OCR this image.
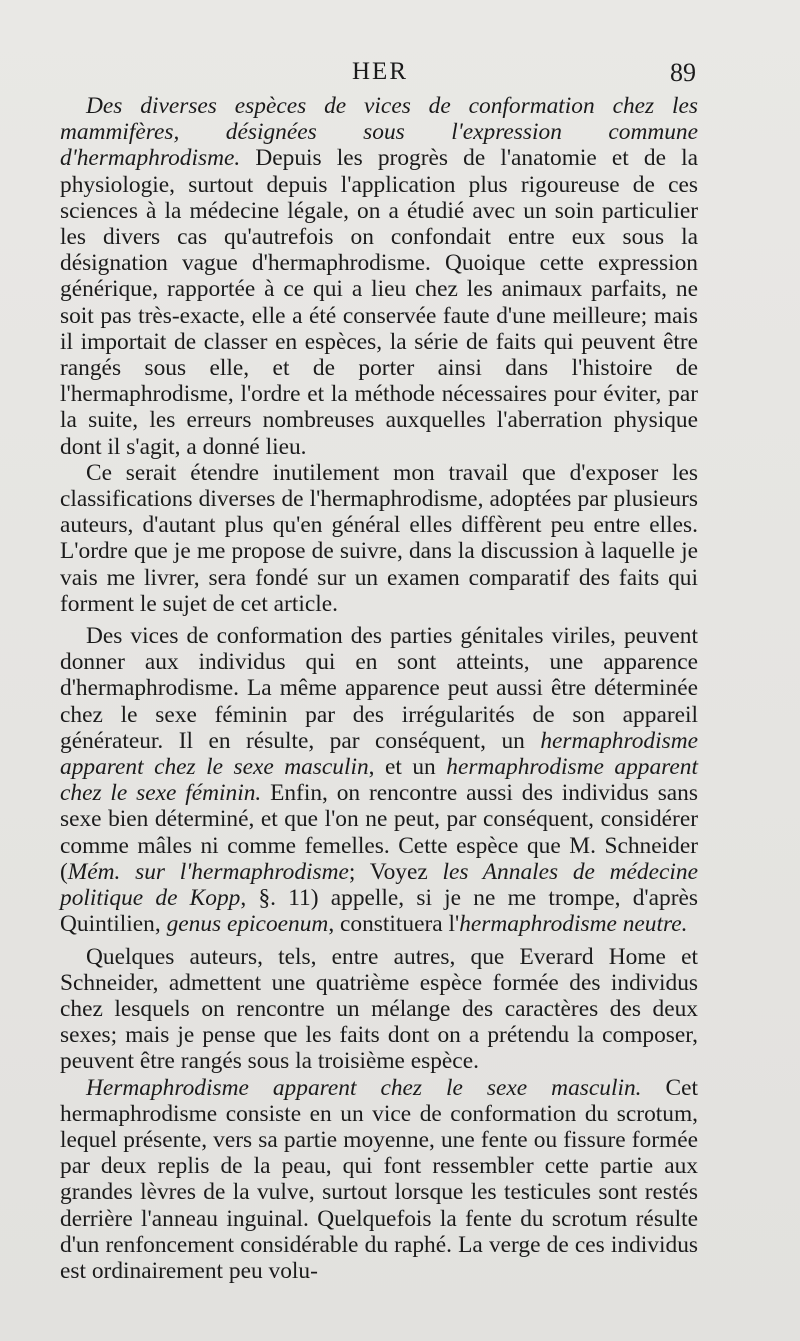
HER	89

Des diverses espèces de vices de conformation chez les mammifères, désignées sous l'expression commune d'hermaphrodisme. Depuis les progrès de l'anatomie et de la physiologie, surtout depuis l'application plus rigoureuse de ces sciences à la médecine légale, on a étudié avec un soin particulier les divers cas qu'autrefois on confondait entre eux sous la désignation vague d'hermaphrodisme. Quoique cette expression générique, rapportée à ce qui a lieu chez les animaux parfaits, ne soit pas très-exacte, elle a été conservée faute d'une meilleure; mais il importait de classer en espèces, la série de faits qui peuvent être rangés sous elle, et de porter ainsi dans l'histoire de l'hermaphrodisme, l'ordre et la méthode nécessaires pour éviter, par la suite, les erreurs nombreuses auxquelles l'aberration physique dont il s'agit, a donné lieu.

Ce serait étendre inutilement mon travail que d'exposer les classifications diverses de l'hermaphrodisme, adoptées par plusieurs auteurs, d'autant plus qu'en général elles diffèrent peu entre elles. L'ordre que je me propose de suivre, dans la discussion à laquelle je vais me livrer, sera fondé sur un examen comparatif des faits qui forment le sujet de cet article.

Des vices de conformation des parties génitales viriles, peuvent donner aux individus qui en sont atteints, une apparence d'hermaphrodisme. La même apparence peut aussi être déterminée chez le sexe féminin par des irrégularités de son appareil générateur. Il en résulte, par conséquent, un hermaphrodisme apparent chez le sexe masculin, et un hermaphrodisme apparent chez le sexe féminin. Enfin, on rencontre aussi des individus sans sexe bien déterminé, et que l'on ne peut, par conséquent, considérer comme mâles ni comme femelles. Cette espèce que M. Schneider (Mém. sur l'hermaphrodisme; Voyez les Annales de médecine politique de Kopp, §. 11) appelle, si je ne me trompe, d'après Quintilien, genus epicoenum, constituera l'hermaphrodisme neutre.

Quelques auteurs, tels, entre autres, que Everard Home et Schneider, admettent une quatrième espèce formée des individus chez lesquels on rencontre un mélange des caractères des deux sexes; mais je pense que les faits dont on a prétendu la composer, peuvent être rangés sous la troisième espèce.

Hermaphrodisme apparent chez le sexe masculin. Cet hermaphrodisme consiste en un vice de conformation du scrotum, lequel présente, vers sa partie moyenne, une fente ou fissure formée par deux replis de la peau, qui font ressembler cette partie aux grandes lèvres de la vulve, surtout lorsque les testicules sont restés derrière l'anneau inguinal. Quelquefois la fente du scrotum résulte d'un renfoncement considérable du raphé. La verge de ces individus est ordinairement peu volu-
